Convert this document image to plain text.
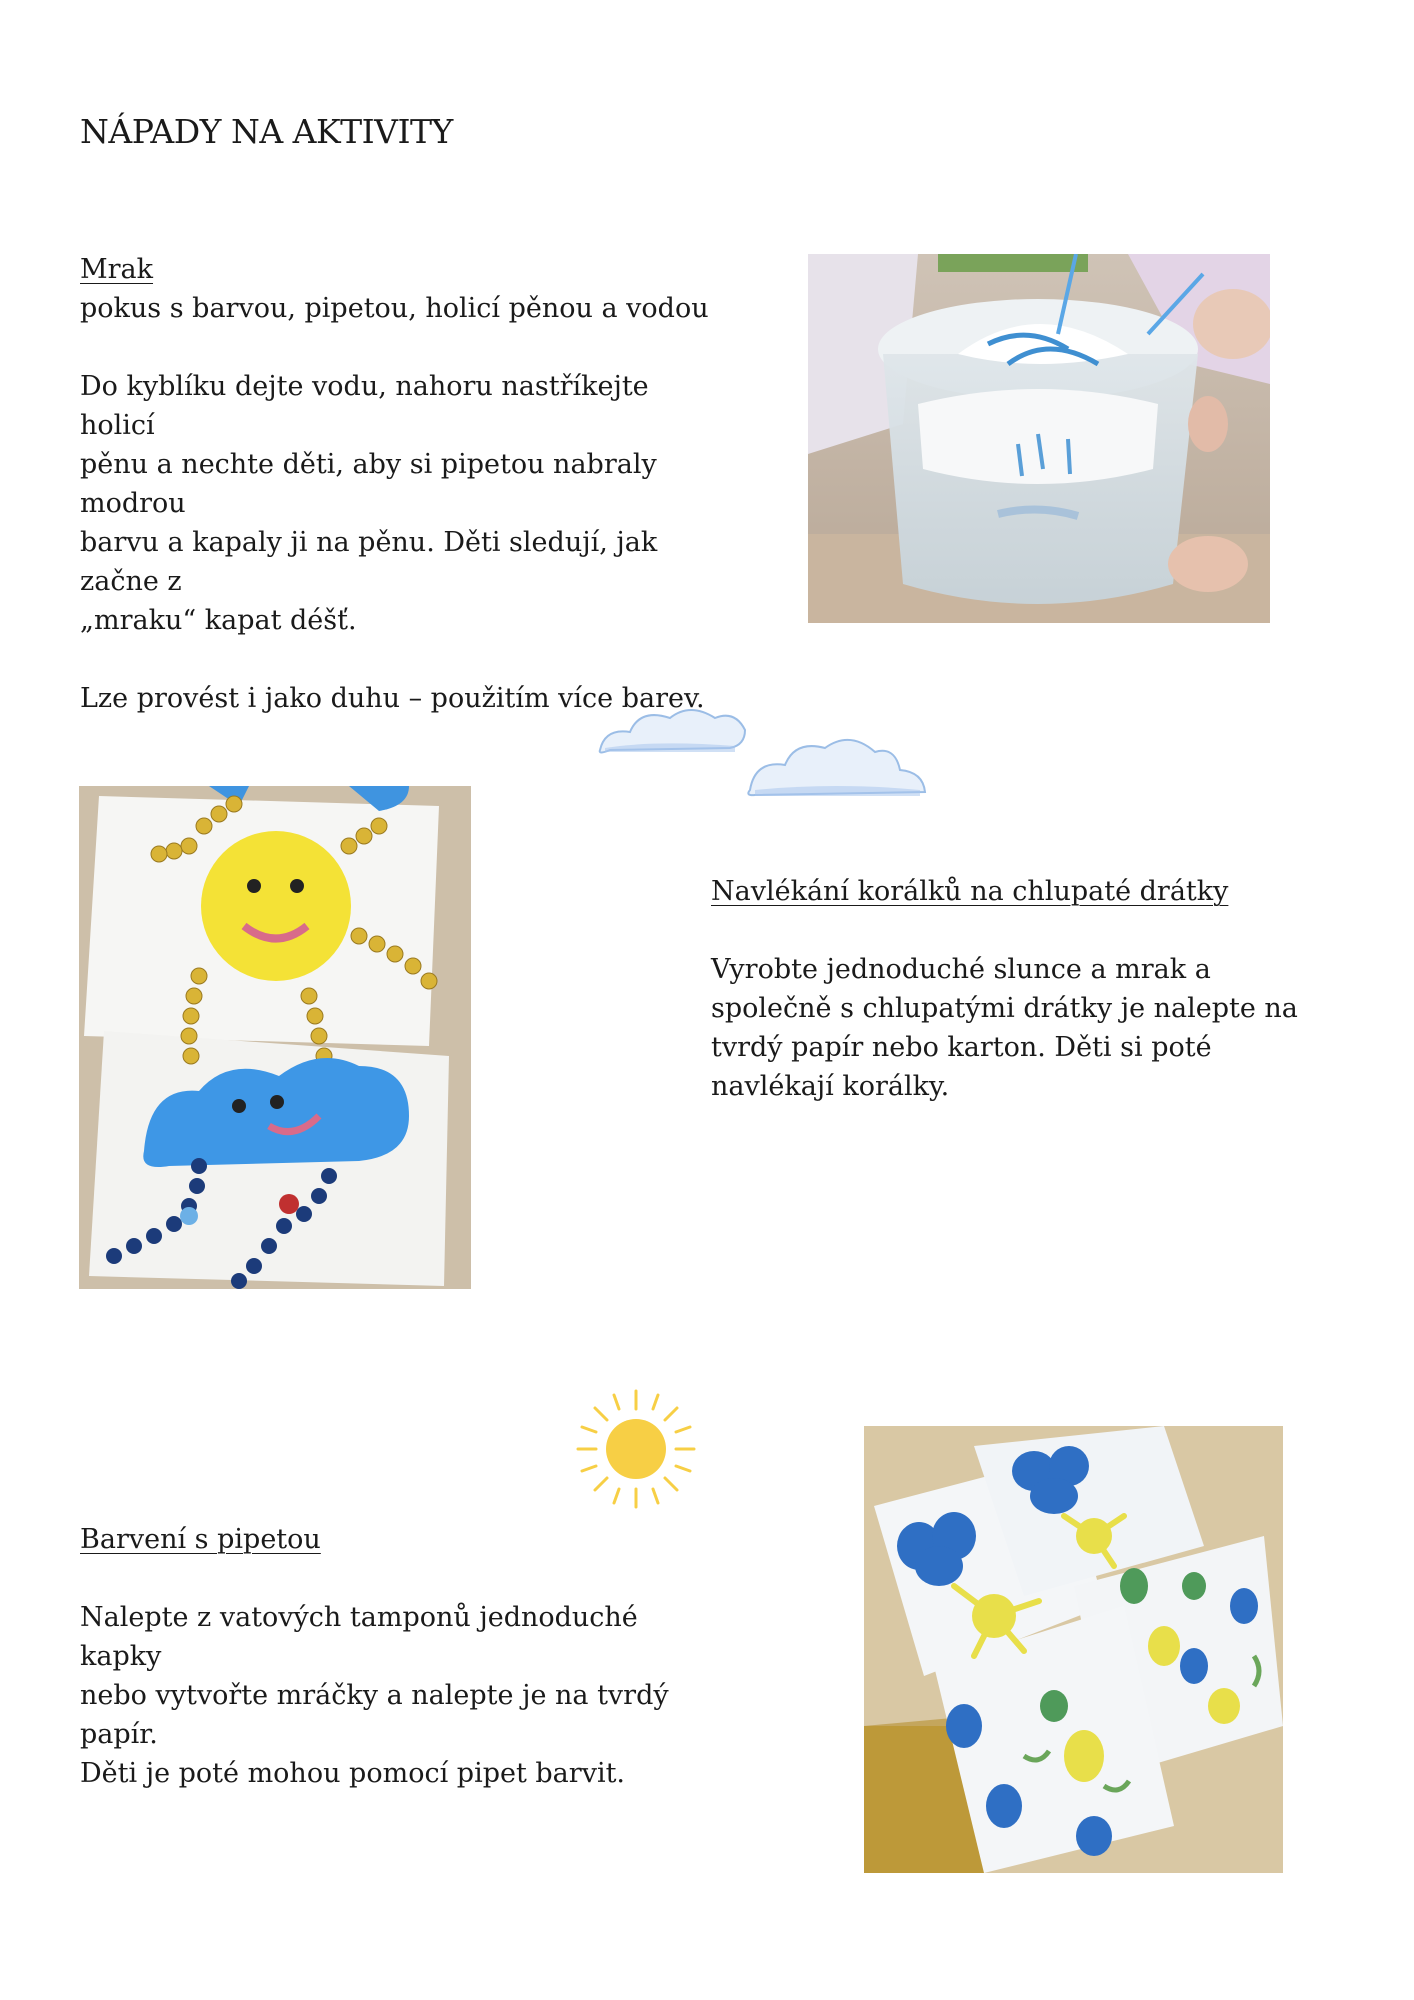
NÁPADY NA AKTIVITY
Mrak
pokus s barvou, pipetou, holicí pěnou a vodou
Do kyblíku dejte vodu, nahoru nastříkejte holicí
pěnu a nechte děti, aby si pipetou nabraly modrou
barvu a kapaly ji na pěnu. Děti sledují, jak začne z
„mraku“ kapat déšť.
Lze provést i jako duhu – použitím více barev.
Navlékání korálků na chlupaté drátky
Vyrobte jednoduché slunce a mrak a
společně s chlupatými drátky je nalepte na
tvrdý papír nebo karton. Děti si poté
navlékají korálky.
Barvení s pipetou
Nalepte z vatových tamponů jednoduché kapky
nebo vytvořte mráčky a nalepte je na tvrdý papír.
Děti je poté mohou pomocí pipet barvit.
